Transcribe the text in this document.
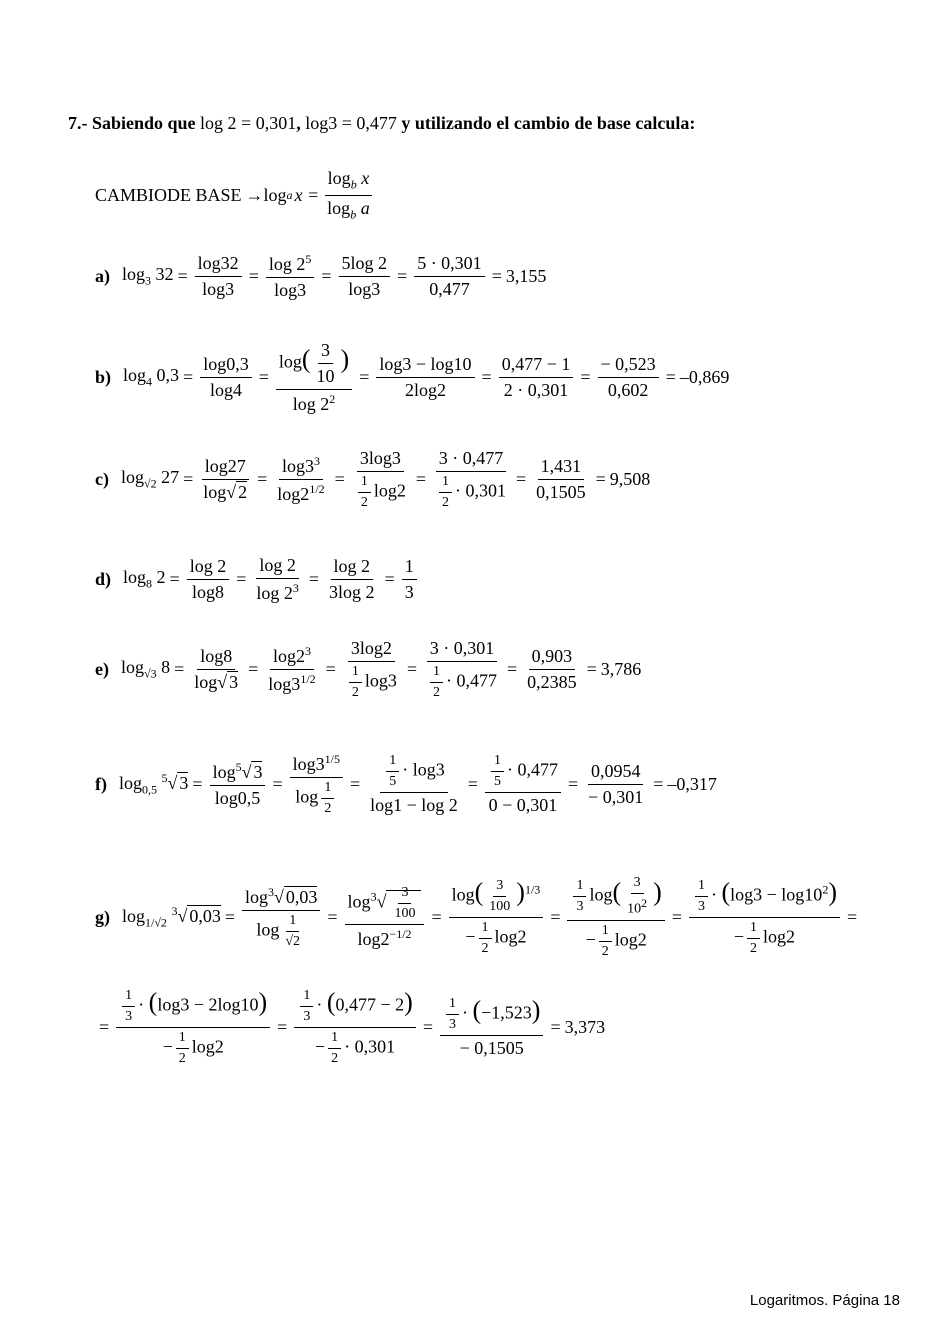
7.- Sabiendo que log 2 = 0,301, log3 = 0,477 y utilizando el cambio de base calcula:
CAMBIODE BASE → log a $x = \frac{\log_b x}{\log_b a}$
a) $\log_3 32 = \frac{\log 32}{\log 3} = \frac{\log 2^5}{\log 3} = \frac{5\log 2}{\log 3} = \frac{5 \cdot 0,301}{0,477} = 3,155$
b) $\log_4 0,3 = \frac{\log 0,3}{\log 4} = \frac{\log( \frac{3}{10} )}{\log 2^2} = \frac{\log 3 - \log 10}{2\log 2} = \frac{0,477 - 1}{2 \cdot 0,301} = \frac{- 0,523}{0,602} = -0,869$
c) $\log_{√2} 27 = \frac{\log 27}{\log√ 2} = \frac{\log 3^3}{\log 2^{1/2}} = \frac{3\log 3}{\frac{1}{2} \log 2} = \frac{3 \cdot 0,477}{\frac{1}{2} \cdot 0,301} = \frac{1,431}{0,1505} = 9,508$
d) $\log_8 2 = \frac{\log 2}{\log 8} = \frac{\log 2}{\log 2^3} = \frac{\log 2}{3\log 2} = \frac{1}{3}$
e) $\log_{√3} 8 = \frac{\log 8}{\log√ 3} = \frac{\log 2^3}{\log 3^{1/2}} = \frac{3\log 2}{\frac{1}{2} \log 3} = \frac{3 \cdot 0,301}{\frac{1}{2} \cdot 0,477} = \frac{0,903}{0,2385} = 3,786$
f) $\log_{0,5} ^5√$ $3 = \frac{\log^5√ 3}{\log 0,5} = \frac{\log 3^{1/5}}{\log \frac{1}{2}} = \frac{\frac{1}{5} \cdot \log 3}{\log 1 - \log 2} = \frac{\frac{1}{5} \cdot 0,477}{0 - 0,301} = \frac{0,0954}{- 0,301} = -0,317$
g) $\log_{1/√2} ^3√$ $0,03 = \frac{\log^3√ 0,03}{\log \frac{1}{√2}} = \frac{\log^3√ \frac{3}{100}}{\log 2^{-1/2}} = \frac{\log( \frac{3}{100} )^{1/3}}{- \frac{1}{2} \log 2} = \frac{\frac{1}{3} \log( \frac{3}{10^2} )}{- \frac{1}{2} \log 2} = \frac{\frac{1}{3} \cdot (\log 3 - \log 10^2)}{- \frac{1}{2} \log 2}$ =
= $\frac{\frac{1}{3} \cdot (\log 3 - 2\log 10)}{- \frac{1}{2} \log 2} = \frac{\frac{1}{3} \cdot (0,477 - 2)}{- \frac{1}{2} \cdot 0,301} = \frac{\frac{1}{3} \cdot (-1,523)}{- 0,1505} = 3,373$
Logaritmos. Página 18
